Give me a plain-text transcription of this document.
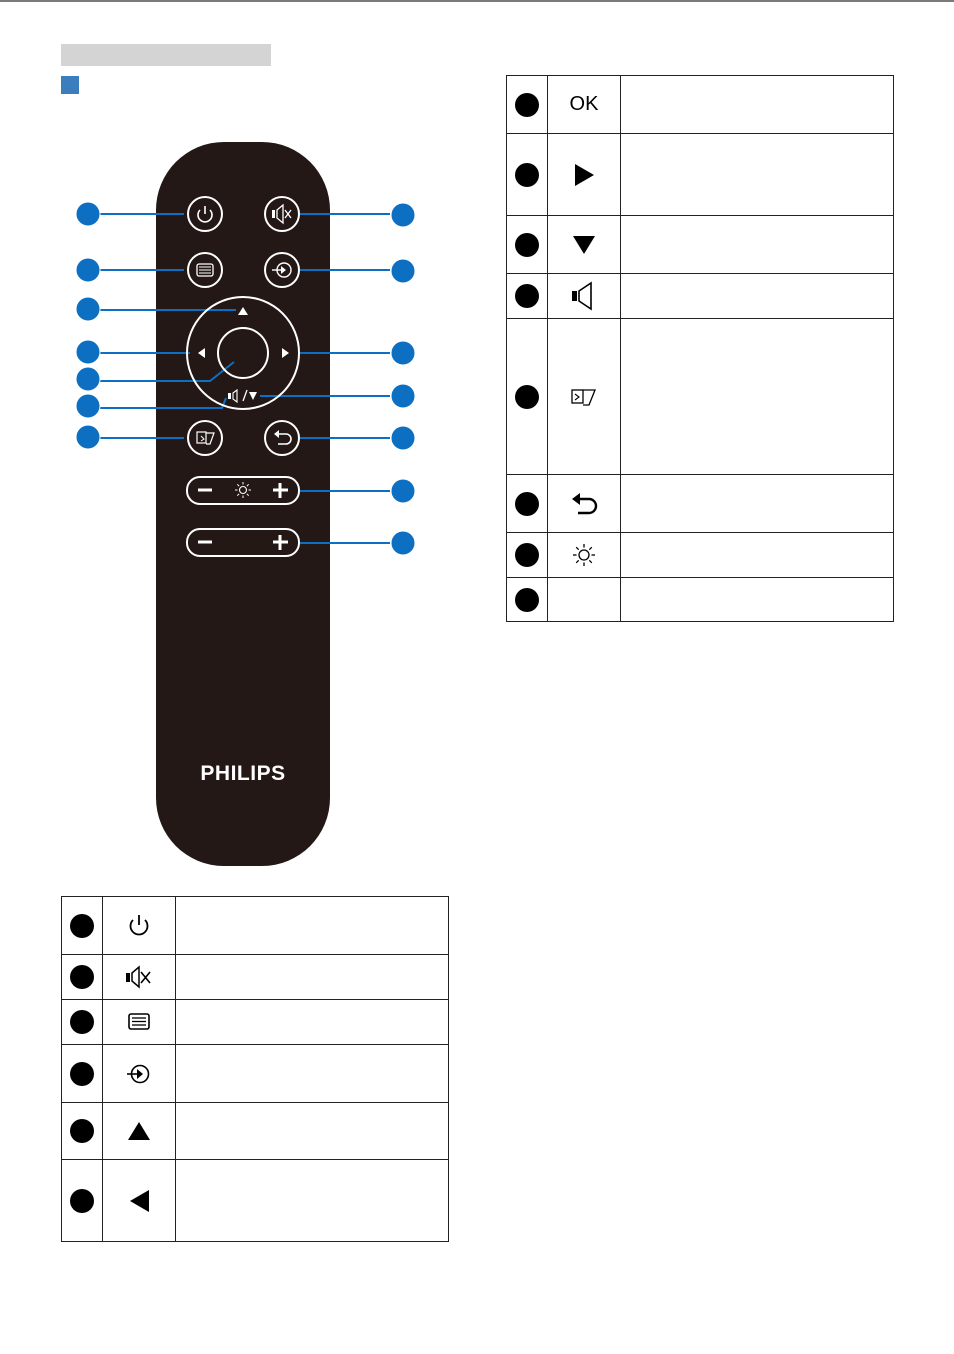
PHILIPS

	OK	
